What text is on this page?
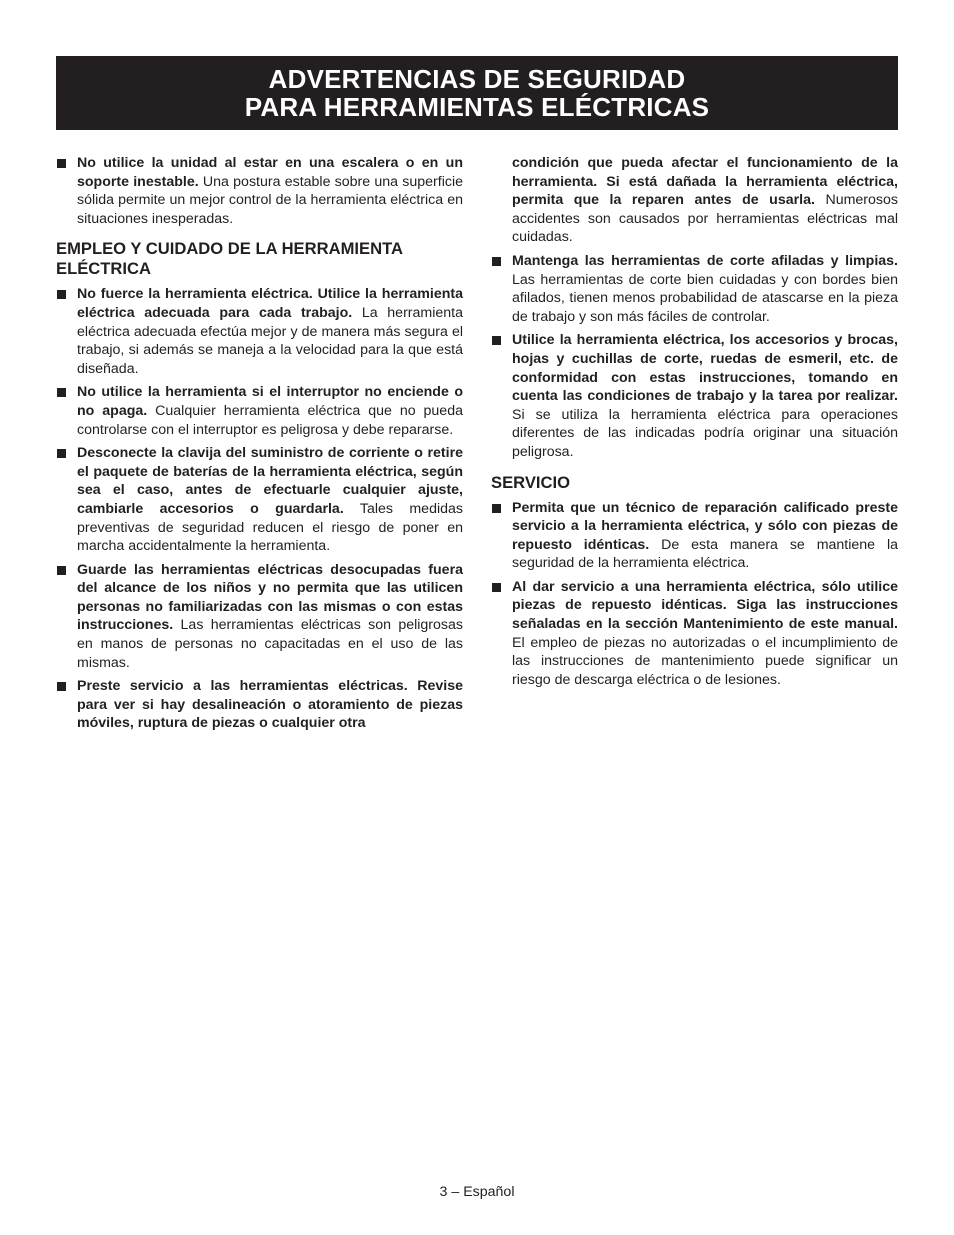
ADVERTENCIAS DE SEGURIDAD
PARA HERRAMIENTAS ELÉCTRICAS
No utilice la unidad al estar en una escalera o en un soporte inestable. Una postura estable sobre una superficie sólida permite un mejor control de la herramienta eléctrica en situaciones inesperadas.
EMPLEO Y CUIDADO DE LA HERRAMIENTA ELÉCTRICA
No fuerce la herramienta eléctrica. Utilice la herramienta eléctrica adecuada para cada trabajo. La herramienta eléctrica adecuada efectúa mejor y de manera más segura el trabajo, si además se maneja a la velocidad para la que está diseñada.
No utilice la herramienta si el interruptor no enciende o no apaga. Cualquier herramienta eléctrica que no pueda controlarse con el interruptor es peligrosa y debe repararse.
Desconecte la clavija del suministro de corriente o retire el paquete de baterías de la herramienta eléctrica, según sea el caso, antes de efectuarle cualquier ajuste, cambiarle accesorios o guardarla. Tales medidas preventivas de seguridad reducen el riesgo de poner en marcha accidentalmente la herramienta.
Guarde las herramientas eléctricas desocupadas fuera del alcance de los niños y no permita que las utilicen personas no familiarizadas con las mismas o con estas instrucciones. Las herramientas eléctricas son peligrosas en manos de personas no capacitadas en el uso de las mismas.
Preste servicio a las herramientas eléctricas. Revise para ver si hay desalineación o atoramiento de piezas móviles, ruptura de piezas o cualquier otra
condición que pueda afectar el funcionamiento de la herramienta. Si está dañada la herramienta eléctrica, permita que la reparen antes de usarla. Numerosos accidentes son causados por herramientas eléctricas mal cuidadas.
Mantenga las herramientas de corte afiladas y limpias. Las herramientas de corte bien cuidadas y con bordes bien afilados, tienen menos probabilidad de atascarse en la pieza de trabajo y son más fáciles de controlar.
Utilice la herramienta eléctrica, los accesorios y brocas, hojas y cuchillas de corte, ruedas de esmeril, etc. de conformidad con estas instrucciones, tomando en cuenta las condiciones de trabajo y la tarea por realizar. Si se utiliza la herramienta eléctrica para operaciones diferentes de las indicadas podría originar una situación peligrosa.
SERVICIO
Permita que un técnico de reparación calificado preste servicio a la herramienta eléctrica, y sólo con piezas de repuesto idénticas. De esta manera se mantiene la seguridad de la herramienta eléctrica.
Al dar servicio a una herramienta eléctrica, sólo utilice piezas de repuesto idénticas. Siga las instrucciones señaladas en la sección Mantenimiento de este manual. El empleo de piezas no autorizadas o el incumplimiento de las instrucciones de mantenimiento puede significar un riesgo de descarga eléctrica o de lesiones.
3 – Español
